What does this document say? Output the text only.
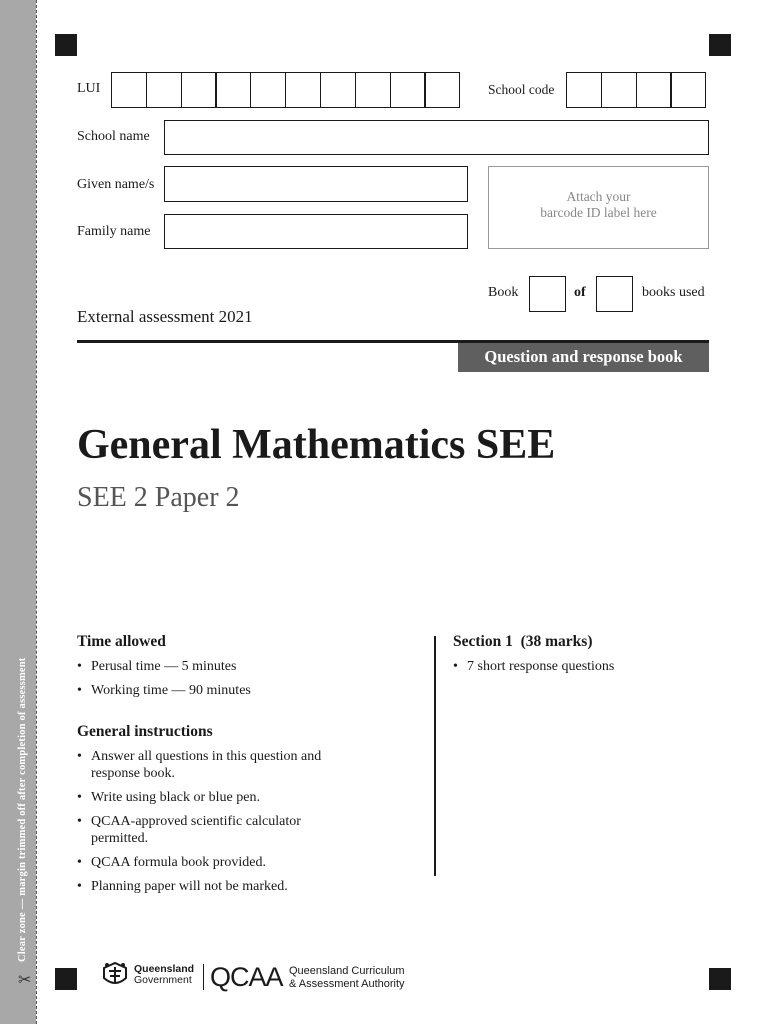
Clear zone — margin trimmed off after completion of assessment
✂
LUI	School code
School name
Given name/s
Family name
Attach your
barcode ID label here
Book	of	books used
External assessment 2021
Question and response book
General Mathematics SEE
SEE 2 Paper 2
Time allowed
• Perusal time — 5 minutes
• Working time — 90 minutes
General instructions
• Answer all questions in this question and response book.
• Write using black or blue pen.
• QCAA-approved scientific calculator permitted.
• QCAA formula book provided.
• Planning paper will not be marked.
Section 1  (38 marks)
• 7 short response questions
Queensland
Government QCAA Queensland Curriculum
& Assessment Authority
